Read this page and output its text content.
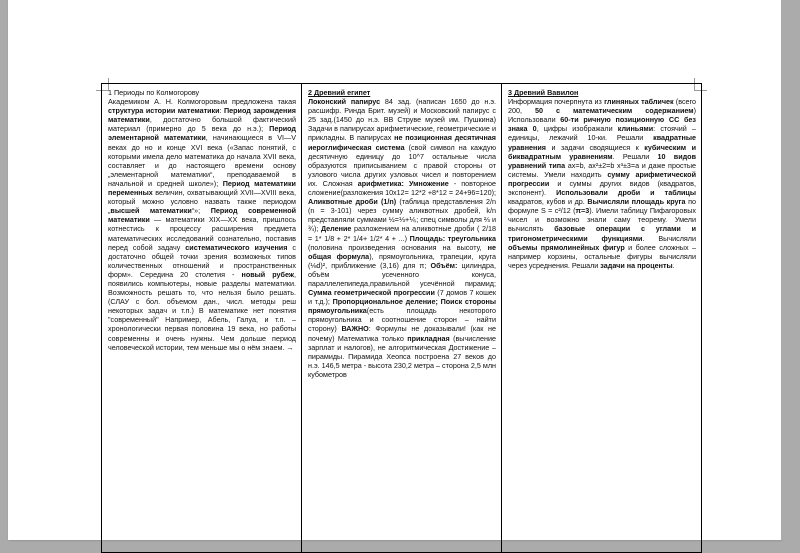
1 Периоды по Колмогорову
Академиком А. Н. Колмогоровым предложена такая структура истории математики: Период зарождения математики, достаточно большой фактический материал (примерно до 5 века до н.э.); Период элементарной математики, начинающиеся в VI—V веках до но и конце XVI века («Запас понятий, с которыми имела дело математика до начала XVII века, составляет и до настоящего времени основу „элементарной математики“, преподаваемой в начальной и средней школе»); Период математики переменных величин, охватывающий XVII—XVIII века, который можно условно назвать также периодом „высшей математики“»; Период современной математики — математики XIX—XX века, пришлось котнестись к процессу расширения предмета математических исследований сознательно, поставив перед собой задачу систематического изучения с достаточно общей точки зрения возможных типов количественных отношений и пространственных форм». Середина 20 столетия - новый рубеж, появились компьютеры, новые разделы математики. Возможность решать то, что нельзя было решать. (СЛАУ с бол. объемом дан., числ. методы реш некоторых задач и т.п.) В математике нет понятия "современный" Например, Абель, Галуа, и т.п. – хронологически первая половина 19 века, но работы современны и очень нужны. Чем дольше период человеческой истории, тем меньше мы о нём знаем. →

2 Древний египет
Локонский папирус 84 зад. (написан 1650 до н.э. расшифр. Ринда Брит. музей) и Московский папирус с 25 зад.(1450 до н.э. ВВ Струве музей им. Пушкина) Задачи в папирусах арифметические, геометрические и прикладны. В папирусах не позиционная десятичная иероглифическая система (свой символ на каждую десятичную единицу до 10^7 остальные числа образуются приписыванием с правой стороны от узлового числа других узловых чисел и повторением их. Сложная арифметика: Умножение - повторное сложение(разложения 10x12= 12*2 +8*12 = 24+96=120); Аликвотные дроби (1/n) (таблица представления 2/n (n = 3-101) через сумму аликвотных дробей, k/n представляли суммами ½=⅓+⅙; спец символы для ⅔ и ¾); Деление разложением на аликвотные дроби ( 2/18 = 1* 1/8 + 2* 1/4+ 1/2* 4 + ...) Площадь: треугольника (половина произведения основания на высоту, не общая формула), прямоугольника, трапеции, круга (⅛d)², приближение (3,16) для π; Объём: цилиндра, объём усеченного конуса, параллелепипеда,правильной усечённой пирамид; Сумма геометрической прогрессии (7 домов 7 кошек и т.д.); Пропорциональное деление; Поиск стороны прямоугольника(есть площадь некоторого прямоугольника и соотношение сторон – найти сторону) ВАЖНО: Формулы не доказывали! (как не почему) Математика только прикладная (вычисление зарплат и налогов), не алгоритмическая Достижение – пирамиды. Пирамида Хеопса построена 27 веков до н.э. 146,5 метра - высота 230,2 метра – сторона 2,5 млн кубометров

3 Древний Вавилон
Информация почерпнута из глиняных табличек (всего 200, 50 с математическим содержанием) Использовали 60-ти ричную позиционную СС без знака 0, цифры изображали клиньями: стоячий – единицы, лежачий 10-ки. Решали квадратные уравнения и задачи сводящиеся к кубическим и биквадратным уравнениям. Решали 10 видов уравнений типа ax=b, ax²±2=b x³±3=a и даже простые системы. Умели находить сумму арифметической прогрессии и суммы других видов (квадратов, экспонент). Использовали дроби и таблицы квадратов, кубов и др. Вычисляли площадь круга по формуле S = c²/12 (π=3). Имели таблицу Пифагоровых чисел и возможно знали саму теорему. Умели вычислять базовые операции с углами и тригонометрическими функциями. Вычисляли объемы прямолинейных фигур и более сложных – например корзины, остальные фигуры вычисляли через усреднения. Решали задачи на проценты.
